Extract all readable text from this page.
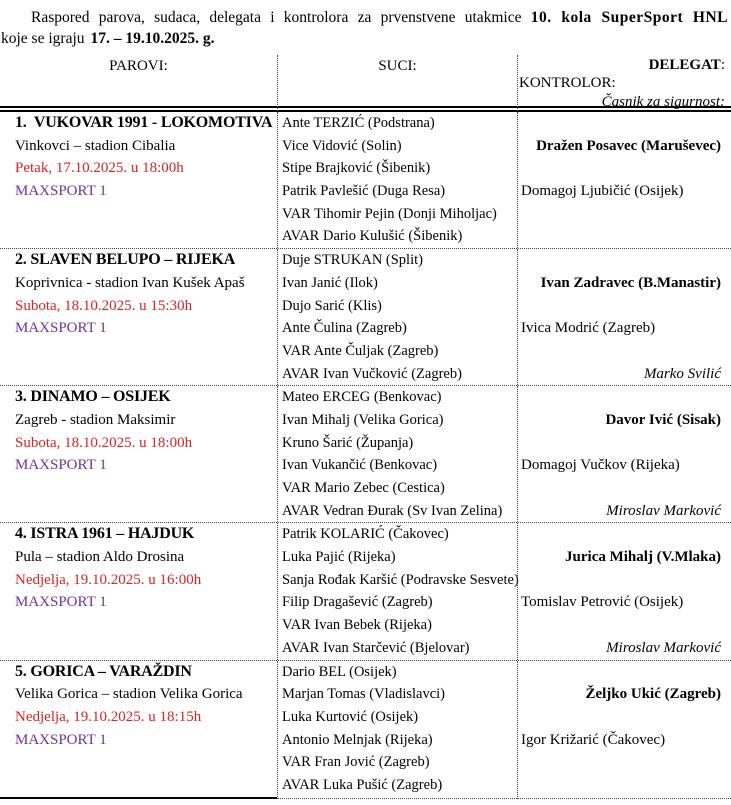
Raspored parova, sudaca, delegata i kontrolora za prvenstvene utakmice 10. kola SuperSport HNL
koje se igraju 17. – 19.10.2025. g.
PAROVI:	SUCI:	DELEGAT:
KONTROLOR:
Časnik za sigurnost:
1.  VUKOVAR 1991 - LOKOMOTIVA
Vinkovci – stadion Cibalia
Petak, 17.10.2025. u 18:00h
MAXSPORT 1
Ante TERZIĆ (Podstrana)
Vice Vidović (Solin)
Stipe Brajković (Šibenik)
Patrik Pavlešić (Duga Resa)
VAR Tihomir Pejin (Donji Miholjac)
AVAR Dario Kulušić (Šibenik)
Dražen Posavec (Maruševec)
Domagoj Ljubičić (Osijek)
2. SLAVEN BELUPO – RIJEKA
Koprivnica - stadion Ivan Kušek Apaš
Subota, 18.10.2025. u 15:30h
MAXSPORT 1
Duje STRUKAN (Split)
Ivan Janić (Ilok)
Dujo Sarić (Klis)
Ante Čulina (Zagreb)
VAR Ante Čuljak (Zagreb)
AVAR Ivan Vučković (Zagreb)
Ivan Zadravec (B.Manastir)
Ivica Modrić (Zagreb)
Marko Svilić
3. DINAMO – OSIJEK
Zagreb - stadion Maksimir
Subota, 18.10.2025. u 18:00h
MAXSPORT 1
Mateo ERCEG (Benkovac)
Ivan Mihalj (Velika Gorica)
Kruno Šarić (Županja)
Ivan Vukančić (Benkovac)
VAR Mario Zebec (Cestica)
AVAR Vedran Đurak (Sv Ivan Zelina)
Davor Ivić (Sisak)
Domagoj Vučkov (Rijeka)
Miroslav Marković
4. ISTRA 1961 – HAJDUK
Pula – stadion Aldo Drosina
Nedjelja, 19.10.2025. u 16:00h
MAXSPORT 1
Patrik KOLARIĆ (Čakovec)
Luka Pajić (Rijeka)
Sanja Rođak Karšić (Podravske Sesvete)
Filip Dragašević (Zagreb)
VAR Ivan Bebek (Rijeka)
AVAR Ivan Starčević (Bjelovar)
Jurica Mihalj (V.Mlaka)
Tomislav Petrović (Osijek)
Miroslav Marković
5. GORICA – VARAŽDIN
Velika Gorica – stadion Velika Gorica
Nedjelja, 19.10.2025. u 18:15h
MAXSPORT 1
Dario BEL (Osijek)
Marjan Tomas (Vladislavci)
Luka Kurtović (Osijek)
Antonio Melnjak (Rijeka)
VAR Fran Jović (Zagreb)
AVAR Luka Pušić (Zagreb)
Željko Ukić (Zagreb)
Igor Križarić (Čakovec)
